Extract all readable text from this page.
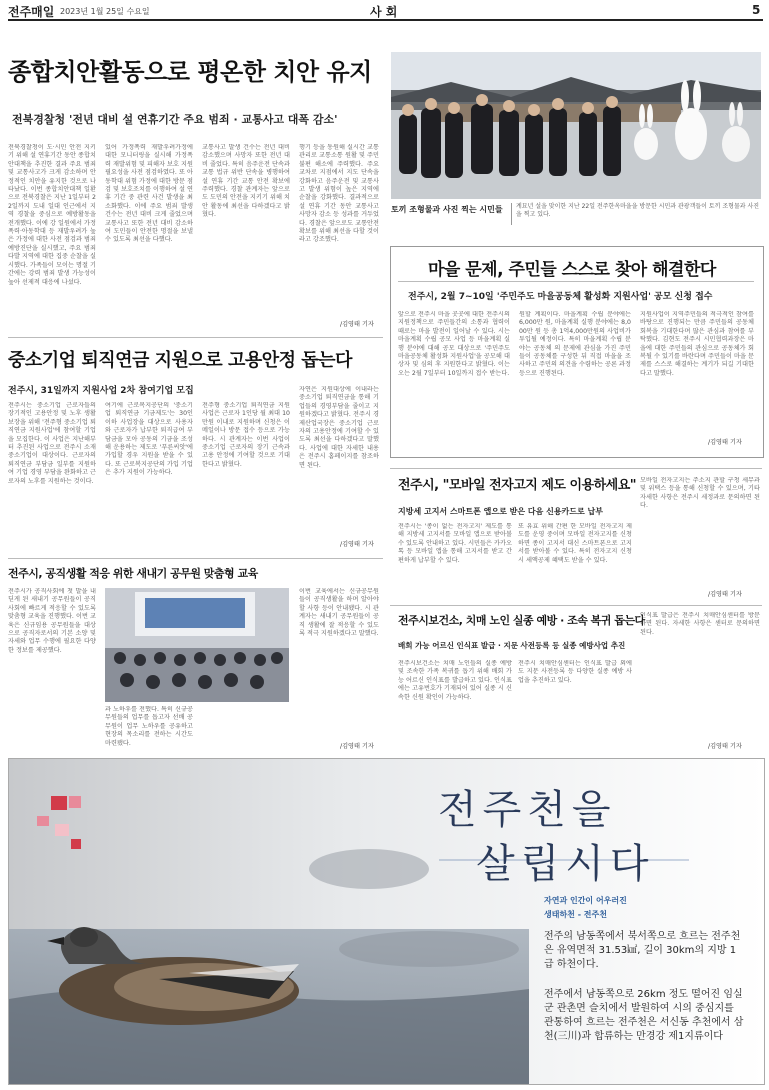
전주매일 2023년 1월 25일 수요일	사 회	5
종합치안활동으로 평온한 치안 유지
전북경찰청 '전년 대비 설 연휴기간 주요 범죄 · 교통사고 대폭 감소'
전북경찰청이 도·시민 안전 지키기 위해 설 연휴기간 동안 종합치안대책을 추진한 결과 주요 범죄 및 교통사고가 크게 감소하며 안정적인 치안을 유지한 것으로 나타났다. 이번 종합치안대책 일환으로 전북경찰은 지난 1일부터 22일까지 도내 일대 인근에서 지역 경찰을 중심으로 예방활동을 전개했다. 이에 강 일원에서 가정폭력·아동학대 등 재발우려가 높은 가정에 대한 사전 점검과 범죄예방진단을 실시했고, 주요 범죄 다발 지역에 대한 집중 순찰을 실시했다. 가족들이 모이는 명절 기간에는 강력 범죄 발생 가능성이 높아 선제적 대응에 나섰다.
있어 가정폭력 재발우려가정에 대한 모니터링을 실시해 가정폭력 재발위험 및 피해자 보호 지원 필요성을 사전 점검하였다. 또 아동학대 위험 가정에 대한 방문 점검 및 보호조치를 이행하여 설 연휴 기간 중 관련 사건 발생을 최소화했다. 이에 주요 범죄 발생 건수는 전년 대비 크게 줄었으며 교통사고 또한 전년 대비 감소하여 도민들이 안전한 명절을 보낼 수 있도록 최선을 다했다.
교통사고 발생 건수는 전년 대비 감소했으며 사망자 또한 전년 대비 줄었다. 특히 음주운전 단속과 교통 법규 위반 단속을 병행하여 설 연휴 기간 교통 안전 확보에 주력했다. 경찰 관계자는 앞으로도 도민의 안전을 지키기 위해 치안 활동에 최선을 다하겠다고 밝혔다.
행기 등을 동원해 실시간 교통관리로 교통소통 원활 및 주민 불편 해소에 주력했다. 주요 교차로 지점에서 지도 단속을 강화하고 음주운전 및 교통사고 발생 위험이 높은 지역에 순찰을 강화했다. 결과적으로 설 연휴 기간 동안 교통사고 사망자 감소 등 성과를 거두었다. 경찰은 앞으로도 교통안전 확보를 위해 최선을 다할 것이라고 강조했다.
/김영태 기자
토끼 조형물과 사진 찍는 시민들 계묘년 설을 맞이한 지난 22일 전주한옥마을을 방문한 시민과 관광객들이 토끼 조형물과 사진을 찍고 있다.
마을 문제, 주민들 스스로 찾아 해결한다
전주시, 2월 7~10일 '주민주도 마을공동체 활성화 지원사업' 공모 신청 접수
앞으로 전주시 마을 곳곳에 대한 전주시의 지원정책으로 주민들간의 소통과 협력이 때로는 마을 발전이 일어날 수 있다. 시는 마을계획 수립 공모 사업 등 마을계획 실행 분야에 대해 공모 대상으로 '주민주도 마을공동체 활성화 지원사업'을 공모해 대상자 및 심의 후 지원한다고 밝혔다. 이는 오는 2월 7일부터 10일까지 접수 받는다.
원할 계획이다. 마을계획 수립 분야에는 6,000만 원, 마을계획 실행 분야에는 8,000만 원 등 총 1억4,000만원의 사업비가 투입될 예정이다. 특히 마을계획 수립 분야는 공동체 의 문제에 관심을 가진 주민들이 공동체를 구성한 뒤 직접 마을을 조사하고 주민의 의견을 수렴하는 공론 과정 등으로 진행된다.
지원사업이 지역주민들의 적극적인 참여를 바탕으로 진행되는 만큼 주민들의 공동체 회복을 기대한다며 많은 관심과 참여를 부탁했다. 김현도 전주시 시민협력과장은 마을에 대한 주민들의 관심으로 공동체가 회복될 수 있기를 바란다며 주민들이 마을 문제를 스스로 해결하는 계기가 되길 기대한다고 말했다.
/김영태 기자
중소기업 퇴직연금 지원으로 고용안정 돕는다
전주시, 31일까지 지원사업 2차 참여기업 모집
전주시는 중소기업 근로자들의 장기적인 고용안정 및 노후 생활 보장을 위해 '전주형 중소기업 퇴직연금 지원사업'에 참여할 기업을 모집한다. 이 사업은 지난해부터 추진된 사업으로 전주시 소재 중소기업이 대상이다. 근로자의 퇴직연금 부담금 일부를 지원하여 기업 경영 부담을 완화하고 근로자의 노후를 지원하는 것이다.
여기에 근로복지공단의 '중소기업 퇴직연금 기금제도'는 30인 이하 사업장을 대상으로 사용자와 근로자가 납부한 퇴직급여 부담금을 모아 공동의 기금을 조성해 운용하는 제도로 '푸른씨앗'에 가입할 경우 지원을 받을 수 있다. 또 근로복지공단의 가입 기업은 추가 지원이 가능하다.
전주형 중소기업 퇴직연금 지원사업은 근로자 1인당 월 최대 10만원 이내로 지원하며 신청은 이메일이나 방문 접수 등으로 가능하다. 시 관계자는 이번 사업이 중소기업 근로자의 장기 근속과 고용 안정에 기여할 것으로 기대한다고 밝혔다.
자연은 지원대상에 이내라는 중소기업 퇴직연금을 통해 기업들의 경영부담을 줄이고 지원하겠다고 밝혔다. 전주시 경제산업국장은 중소기업 근로자의 고용안정에 기여할 수 있도록 최선을 다하겠다고 말했다. 사업에 대한 자세한 내용은 전주시 홈페이지를 참조하면 된다.
/김영태 기자
전주시, "모바일 전자고지 제도 이용하세요"
지방세 고지서 스마트폰 앱으로 받은 다음 신용카드로 납부
전주시는 '종이 없는 전자고지' 제도를 통해 지방세 고지서를 모바일 앱으로 받아볼 수 있도록 안내하고 있다. 시민들은 카카오톡 등 모바일 앱을 통해 고지서를 받고 간편하게 납부할 수 있다.
또 유효 위해 간편 한 모바일 전자고지 제도를 운영 중이며 모바일 전자고지를 신청하면 종이 고지서 대신 스마트폰으로 고지서를 받아볼 수 있다. 특히 전자고지 신청 시 세액공제 혜택도 받을 수 있다.
모바일 전자고지는 주소지 관할 구청 세무과 및 위택스 등을 통해 신청할 수 있으며, 기타 자세한 사항은 전주시 세정과로 문의하면 된다.
/김영태 기자
전주시, 공직생활 적응 위한 새내기 공무원 맞춤형 교육
전주시가 공직사회에 첫 발을 내딛게 된 새내기 공무원들이 공직사회에 빠르게 적응할 수 있도록 맞춤형 교육을 진행했다. 이번 교육은 신규임용 공무원들을 대상으로 공직자로서의 기본 소양 및 자세와 업무 수행에 필요한 다양한 정보를 제공했다.
과 노하우를 전했다. 특히 신규공무원들의 업무를 돕고자 선배 공무원이 업무 노하우를 공유하고 현장의 목소리를 전하는 시간도 마련됐다.
이번 교육에서는 신규공무원들이 공직생활을 하며 알아야 할 사항 등이 안내됐다. 시 관계자는 새내기 공무원들이 공직 생활에 잘 적응할 수 있도록 적극 지원하겠다고 말했다.
/김영태 기자
전주시보건소, 치매 노인 실종 예방 · 조속 복귀 돕는다
배회 가능 어르신 인식표 발급 · 지문 사전등록 등 실종 예방사업 추진
전주시보건소는 치매 노인들의 실종 예방 및 조속한 가족 복귀를 돕기 위해 배회 가능 어르신 인식표를 발급하고 있다. 인식표에는 고유번호가 기재되어 있어 실종 시 신속한 신원 확인이 가능하다.
전주시 치매안심센터는 인식표 발급 외에도 지문 사전등록 등 다양한 실종 예방 사업을 추진하고 있다.
인식표 발급은 전주시 치매안심센터를 방문하면 된다. 자세한 사항은 센터로 문의하면 된다.
/김영태 기자
전주천을
살립시다
자연과 인간이 어우러진
생태하천 - 전주천
전주의 남동쪽에서 북서쪽으로 흐르는 전주천은 유역면적 31.53㎢, 길이 30km의 지방 1급 하천이다.
전주에서 남동쪽으로 26km 정도 떨어진 임실군 관촌면 슬치에서 발원하여 시의 중심지를 관통하여 흐르는 전주천은 서신동 추천에서 삼천(三川)과 합류하는 만경강 제1지류이다
